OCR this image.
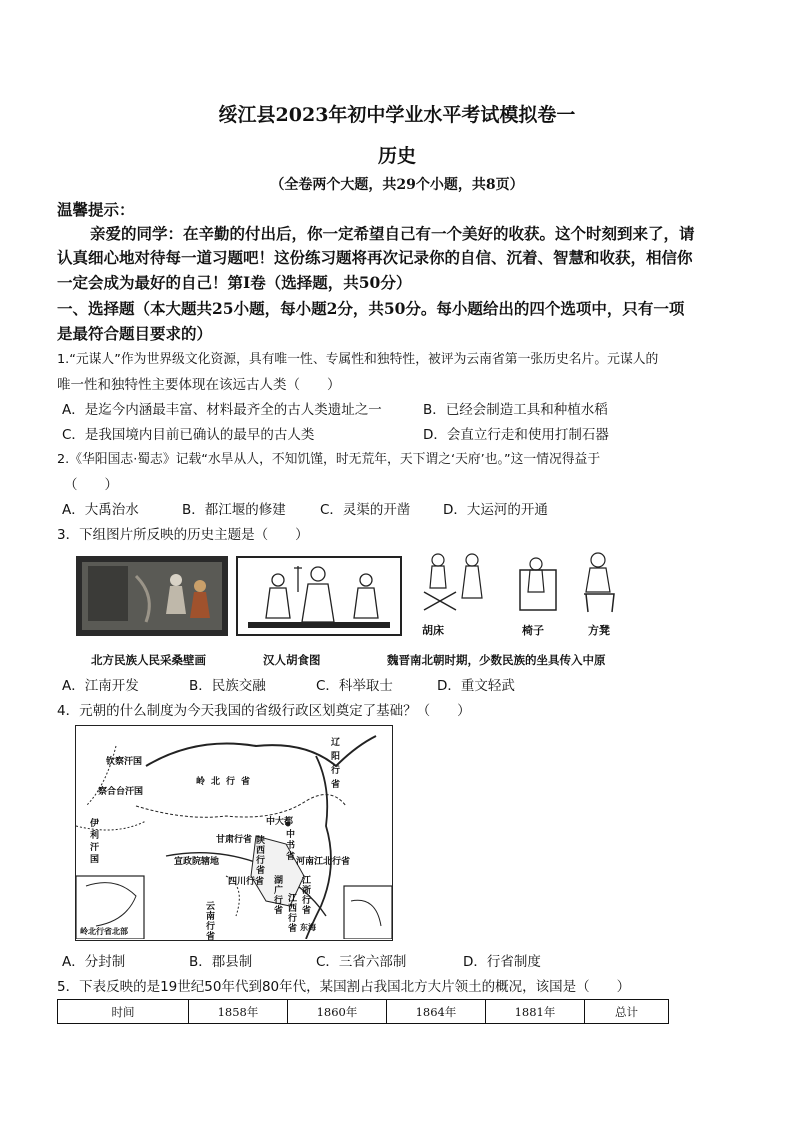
绥江县2023年初中学业水平考试模拟卷一
历史
（全卷两个大题，共29个小题，共8页）
温馨提示：
亲爱的同学：在辛勤的付出后，你一定希望自己有一个美好的收获。这个时刻到来了，请
认真细心地对待每一道习题吧！这份练习题将再次记录你的自信、沉着、智慧和收获，相信你
一定会成为最好的自己！第Ⅰ卷（选择题，共50分）
一、选择题（本大题共25小题，每小题2分，共50分。每小题给出的四个选项中，只有一项
是最符合题目要求的）
1.“元谋人”作为世界级文化资源，具有唯一性、专属性和独特性，被评为云南省第一张历史名片。元谋人的
唯一性和独特性主要体现在该远古人类（　　）
A．是迄今内涵最丰富、材料最齐全的古人类遗址之一	B．已经会制造工具和种植水稻
C．是我国境内目前已确认的最早的古人类	D．会直立行走和使用打制石器
2.《华阳国志·蜀志》记载“水旱从人，不知饥馑，时无荒年，天下谓之‘天府’也。”这一情况得益于
（　　）
A．大禹治水	B．都江堰的修建	C．灵渠的开凿 D．大运河的开通
3．下组图片所反映的历史主题是（　　）
胡床	椅子	方凳
北方民族人民采桑壁画	汉人胡食图	魏晋南北朝时期，少数民族的坐具传入中原
A．江南开发	B．民族交融	C．科举取士	D．重文轻武
4．元朝的什么制度为今天我国的省级行政区划奠定了基础？（　　）
钦察汗国
察合台汗国
伊利汗国
岭北行省
辽阳行省
中大都
中书省
甘肃行省 陕西行省
河南江北行省
宣政院辖地
四川行省 湖广行省
江浙行省
江西行省
云南行省
岭北行省北部	东海
A．分封制	B．郡县制	C．三省六部制	D．行省制度
5．下表反映的是19世纪50年代到80年代，某国割占我国北方大片领土的概况，该国是（　　）
时间	1858年	1860年	1864年	1881年	总计
